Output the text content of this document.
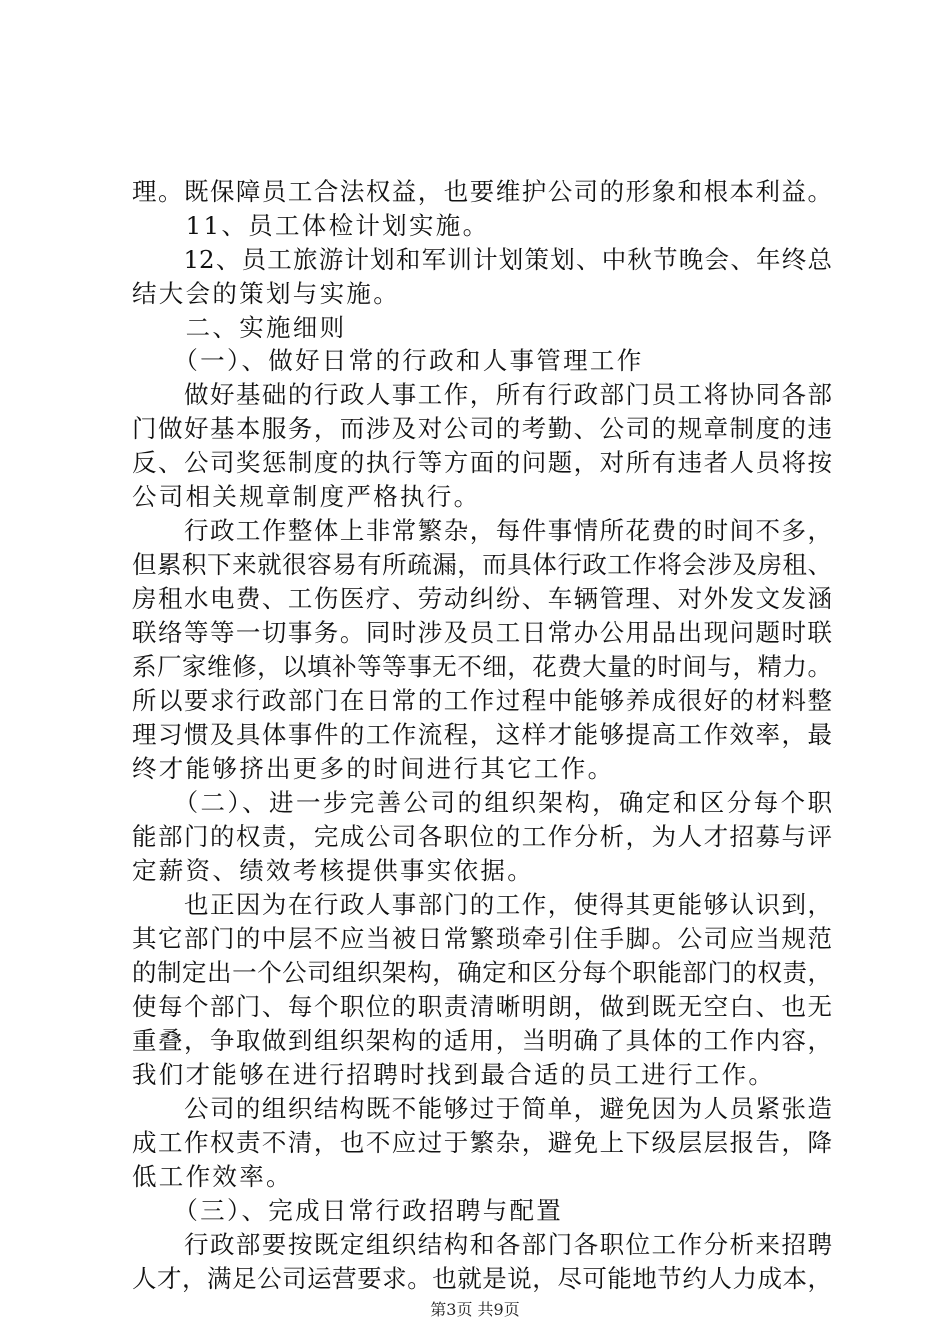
理。既保障员工合法权益，也要维护公司的形象和根本利益。
　　11、员工体检计划实施。
　　12、员工旅游计划和军训计划策划、中秋节晚会、年终总
结大会的策划与实施。
　　二、实施细则
　　（一）、做好日常的行政和人事管理工作
　　做好基础的行政人事工作，所有行政部门员工将协同各部
门做好基本服务，而涉及对公司的考勤、公司的规章制度的违
反、公司奖惩制度的执行等方面的问题，对所有违者人员将按
公司相关规章制度严格执行。
　　行政工作整体上非常繁杂，每件事情所花费的时间不多，
但累积下来就很容易有所疏漏，而具体行政工作将会涉及房租、
房租水电费、工伤医疗、劳动纠纷、车辆管理、对外发文发涵
联络等等一切事务。同时涉及员工日常办公用品出现问题时联
系厂家维修，以填补等等事无不细，花费大量的时间与，精力。
所以要求行政部门在日常的工作过程中能够养成很好的材料整
理习惯及具体事件的工作流程，这样才能够提高工作效率，最
终才能够挤出更多的时间进行其它工作。
　　（二）、进一步完善公司的组织架构，确定和区分每个职
能部门的权责，完成公司各职位的工作分析，为人才招募与评
定薪资、绩效考核提供事实依据。
　　也正因为在行政人事部门的工作，使得其更能够认识到，
其它部门的中层不应当被日常繁琐牵引住手脚。公司应当规范
的制定出一个公司组织架构，确定和区分每个职能部门的权责，
使每个部门、每个职位的职责清晰明朗，做到既无空白、也无
重叠，争取做到组织架构的适用，当明确了具体的工作内容，
我们才能够在进行招聘时找到最合适的员工进行工作。
　　公司的组织结构既不能够过于简单，避免因为人员紧张造
成工作权责不清，也不应过于繁杂，避免上下级层层报告，降
低工作效率。
　　（三）、完成日常行政招聘与配置
　　行政部要按既定组织结构和各部门各职位工作分析来招聘
人才，满足公司运营要求。也就是说，尽可能地节约人力成本，
第3页 共9页
